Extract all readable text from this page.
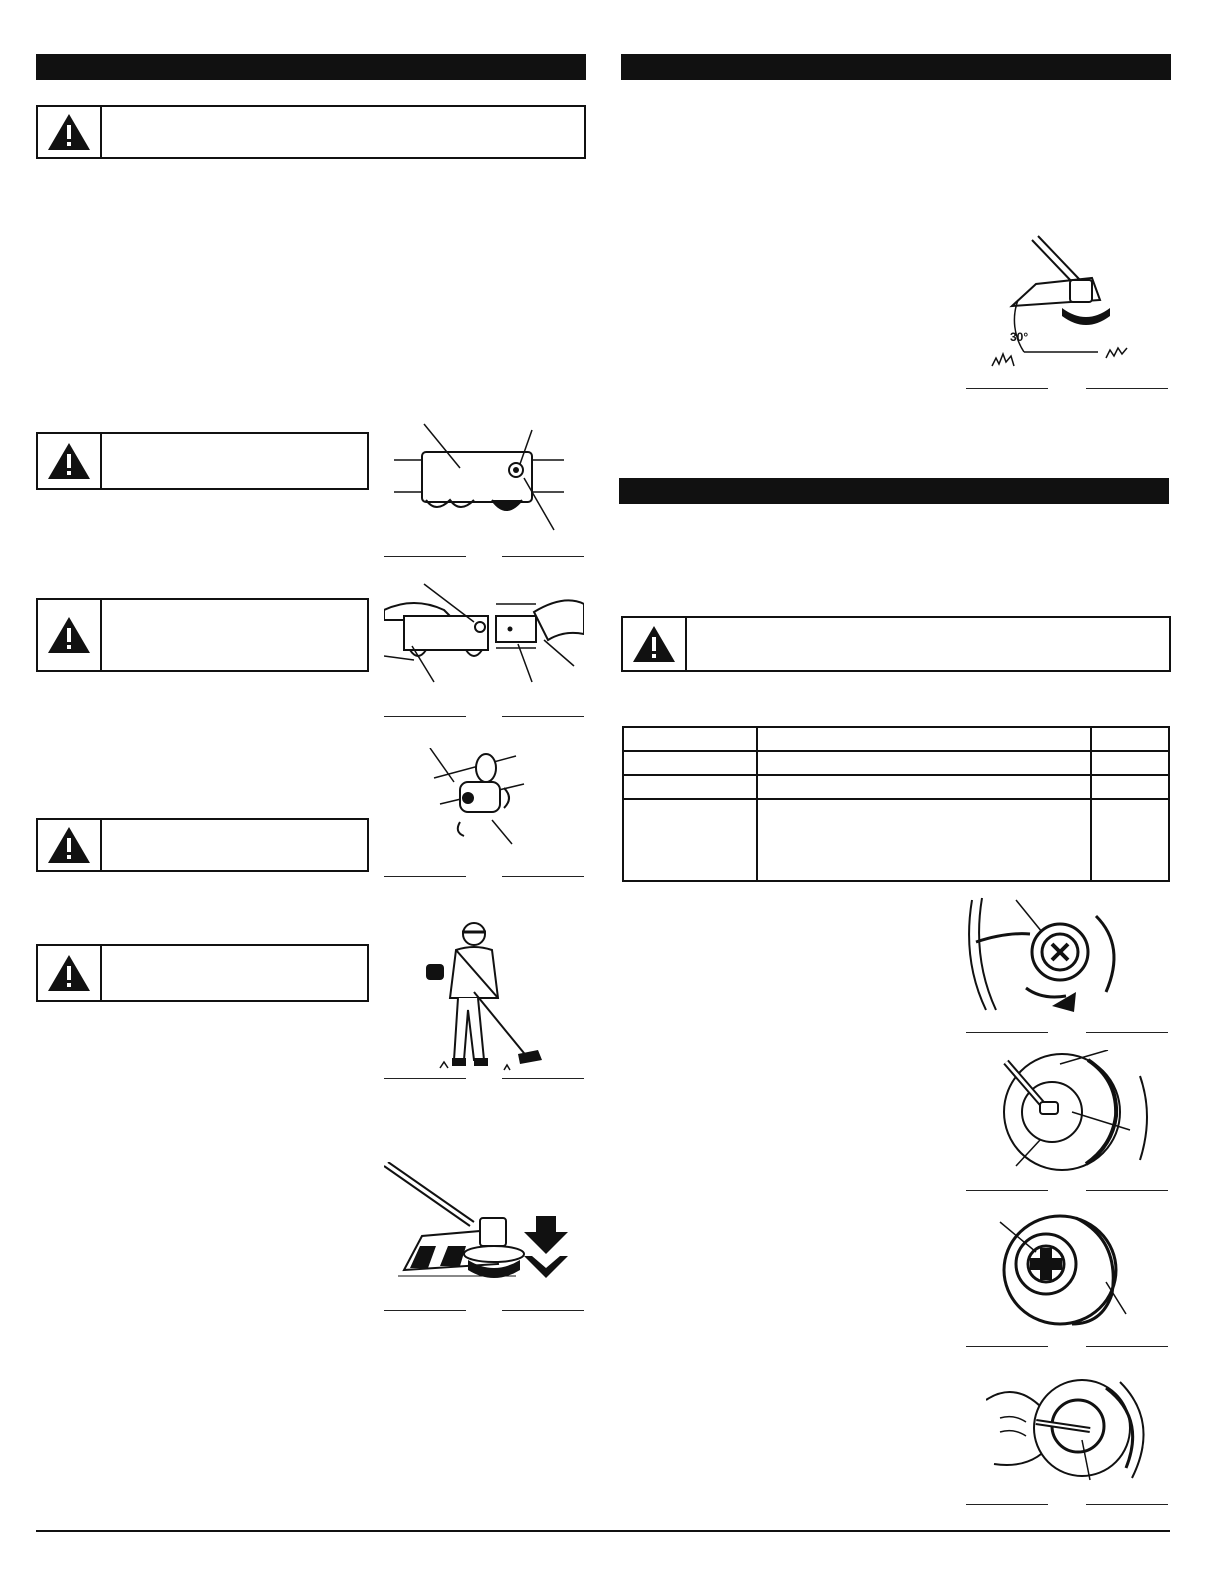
30°
